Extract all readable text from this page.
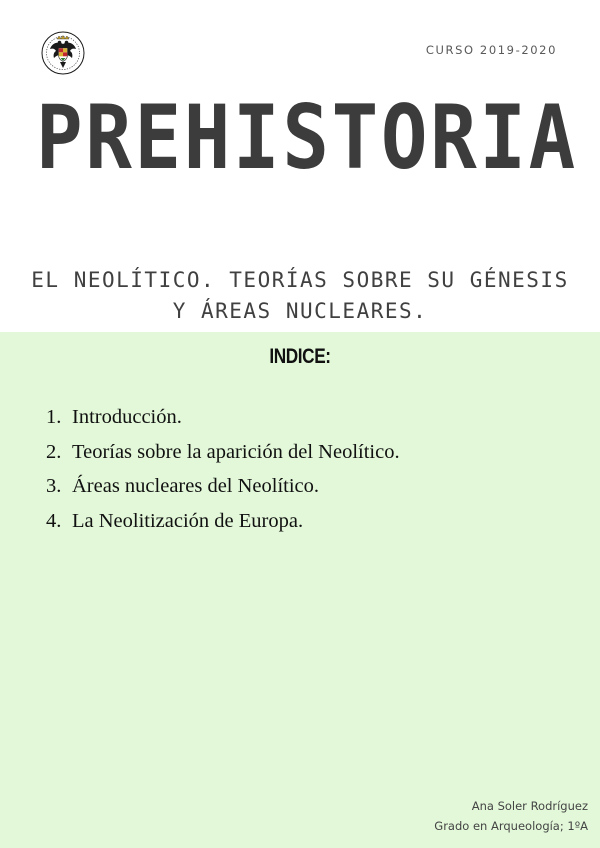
CURSO 2019-2020
PREHISTORIA
EL NEOLÍTICO. TEORÍAS SOBRE SU GÉNESIS Y ÁREAS NUCLEARES.
INDICE:
1. Introducción.
2. Teorías sobre la aparición del Neolítico.
3. Áreas nucleares del Neolítico.
4. La Neolitización de Europa.
Ana Soler Rodríguez
Grado en Arqueología; 1ºA
